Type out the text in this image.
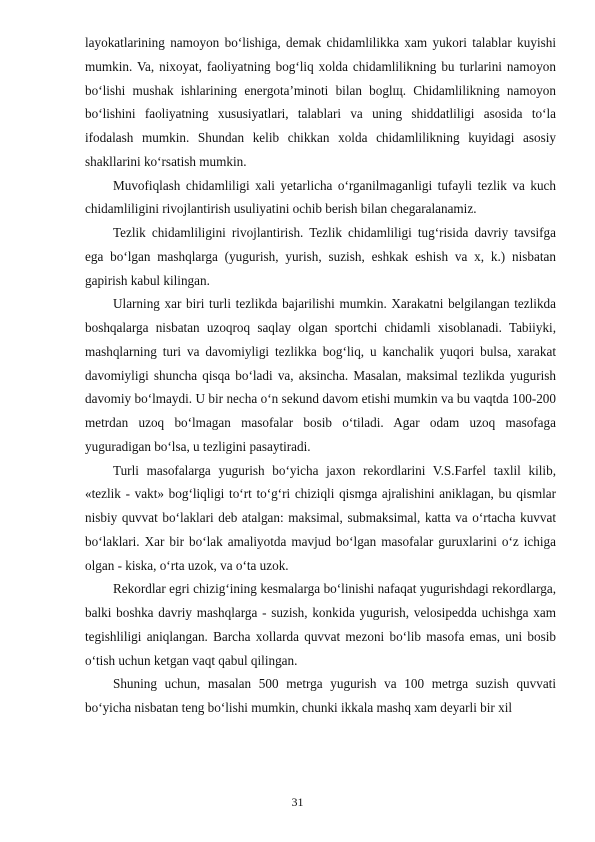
layokatlarining namoyon bo‘lishiga, demak chidamlilikka xam yukori talablar kuyishi mumkin. Va, nixoyat, faoliyatning bog‘liq xolda chidamlilikning bu turlarini namoyon bo‘lishi mushak ishlarining energota’minoti bilan boglщ. Chidamlilikning namoyon bo‘lishini faoliyatning xususiyatlari, talablari va uning shiddatliligi asosida to‘la ifodalash mumkin. Shundan kelib chikkan xolda chidamlilikning kuyidagi asosiy shakllarini ko‘rsatish mumkin.

Muvofiqlash chidamliligi xali yetarlicha o‘rganilmaganligi tufayli tezlik va kuch chidamliligini rivojlantirish usuliyatini ochib berish bilan chegaralanamiz.

Tezlik chidamliligini rivojlantirish. Tezlik chidamliligi tug‘risida davriy tavsifga ega bo‘lgan mashqlarga (yugurish, yurish, suzish, eshkak eshish va x, k.) nisbatan gapirish kabul kilingan.

Ularning xar biri turli tezlikda bajarilishi mumkin. Xarakatni belgilangan tezlikda boshqalarga nisbatan uzoqroq saqlay olgan sportchi chidamli xisoblanadi. Tabiiyki, mashqlarning turi va davomiyligi tezlikka bog‘liq, u kanchalik yuqori bulsa, xarakat davomiyligi shuncha qisqa bo‘ladi va, aksincha. Masalan, maksimal tezlikda yugurish davomiy bo‘lmaydi. U bir necha o‘n sekund davom etishi mumkin va bu vaqtda 100-200 metrdan uzoq bo‘lmagan masofalar bosib o‘tiladi. Agar odam uzoq masofaga yuguradigan bo‘lsa, u tezligini pasaytiradi.

Turli masofalarga yugurish bo‘yicha jaxon rekordlarini V.S.Farfel taxlil kilib, «tezlik - vakt» bog‘liqligi to‘rt to‘g‘ri chiziqli qismga ajralishini aniklagan, bu qismlar nisbiy quvvat bo‘laklari deb atalgan: maksimal, submaksimal, katta va o‘rtacha kuvvat bo‘laklari. Xar bir bo‘lak amaliyotda mavjud bo‘lgan masofalar guruxlarini o‘z ichiga olgan - kiska, o‘rta uzok, va o‘ta uzok.

Rekordlar egri chizig‘ining kesmalarga bo‘linishi nafaqat yugurishdagi rekordlarga, balki boshka davriy mashqlarga - suzish, konkida yugurish, velosipedda uchishga xam tegishliligi aniqlangan. Barcha xollarda quvvat mezoni bo‘lib masofa emas, uni bosib o‘tish uchun ketgan vaqt qabul qilingan.

Shuning uchun, masalan 500 metrga yugurish va 100 metrga suzish quvvati bo‘yicha nisbatan teng bo‘lishi mumkin, chunki ikkala mashq xam deyarli bir xil

31
